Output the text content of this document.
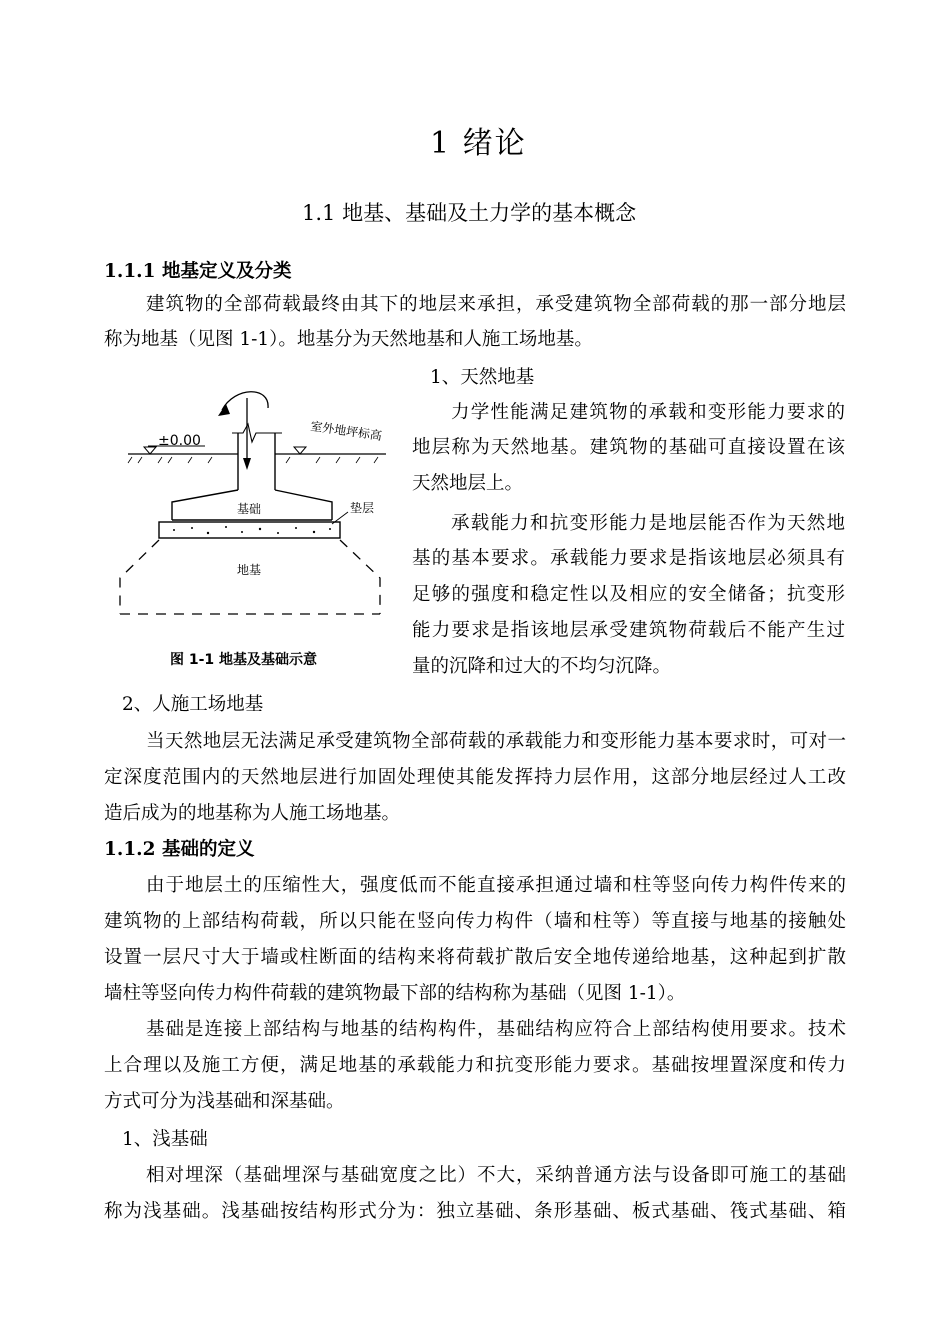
1 绪论
1.1 地基、基础及土力学的基本概念
1.1.1 地基定义及分类
建筑物的全部荷载最终由其下的地层来承担，承受建筑物全部荷载的那一部分地层
称为地基（见图 1-1）。地基分为天然地基和人施工场地基。
1、天然地基
力学性能满足建筑物的承载和变形能力要求的
地层称为天然地基。建筑物的基础可直接设置在该
天然地层上。
承载能力和抗变形能力是地层能否作为天然地
基的基本要求。承载能力要求是指该地层必须具有
足够的强度和稳定性以及相应的安全储备；抗变形
能力要求是指该地层承受建筑物荷载后不能产生过
量的沉降和过大的不均匀沉降。
±0.00	室外地坪标高
基础	垫层
地基
图 1-1 地基及基础示意
2、人施工场地基
当天然地层无法满足承受建筑物全部荷载的承载能力和变形能力基本要求时，可对一
定深度范围内的天然地层进行加固处理使其能发挥持力层作用，这部分地层经过人工改
造后成为的地基称为人施工场地基。
1.1.2 基础的定义
由于地层土的压缩性大，强度低而不能直接承担通过墙和柱等竖向传力构件传来的
建筑物的上部结构荷载，所以只能在竖向传力构件（墙和柱等）等直接与地基的接触处
设置一层尺寸大于墙或柱断面的结构来将荷载扩散后安全地传递给地基，这种起到扩散
墙柱等竖向传力构件荷载的建筑物最下部的结构称为基础（见图 1-1）。
基础是连接上部结构与地基的结构构件，基础结构应符合上部结构使用要求。技术
上合理以及施工方便，满足地基的承载能力和抗变形能力要求。基础按埋置深度和传力
方式可分为浅基础和深基础。
1、浅基础
相对埋深（基础埋深与基础宽度之比）不大，采纳普通方法与设备即可施工的基础
称为浅基础。浅基础按结构形式分为：独立基础、条形基础、板式基础、筏式基础、箱
